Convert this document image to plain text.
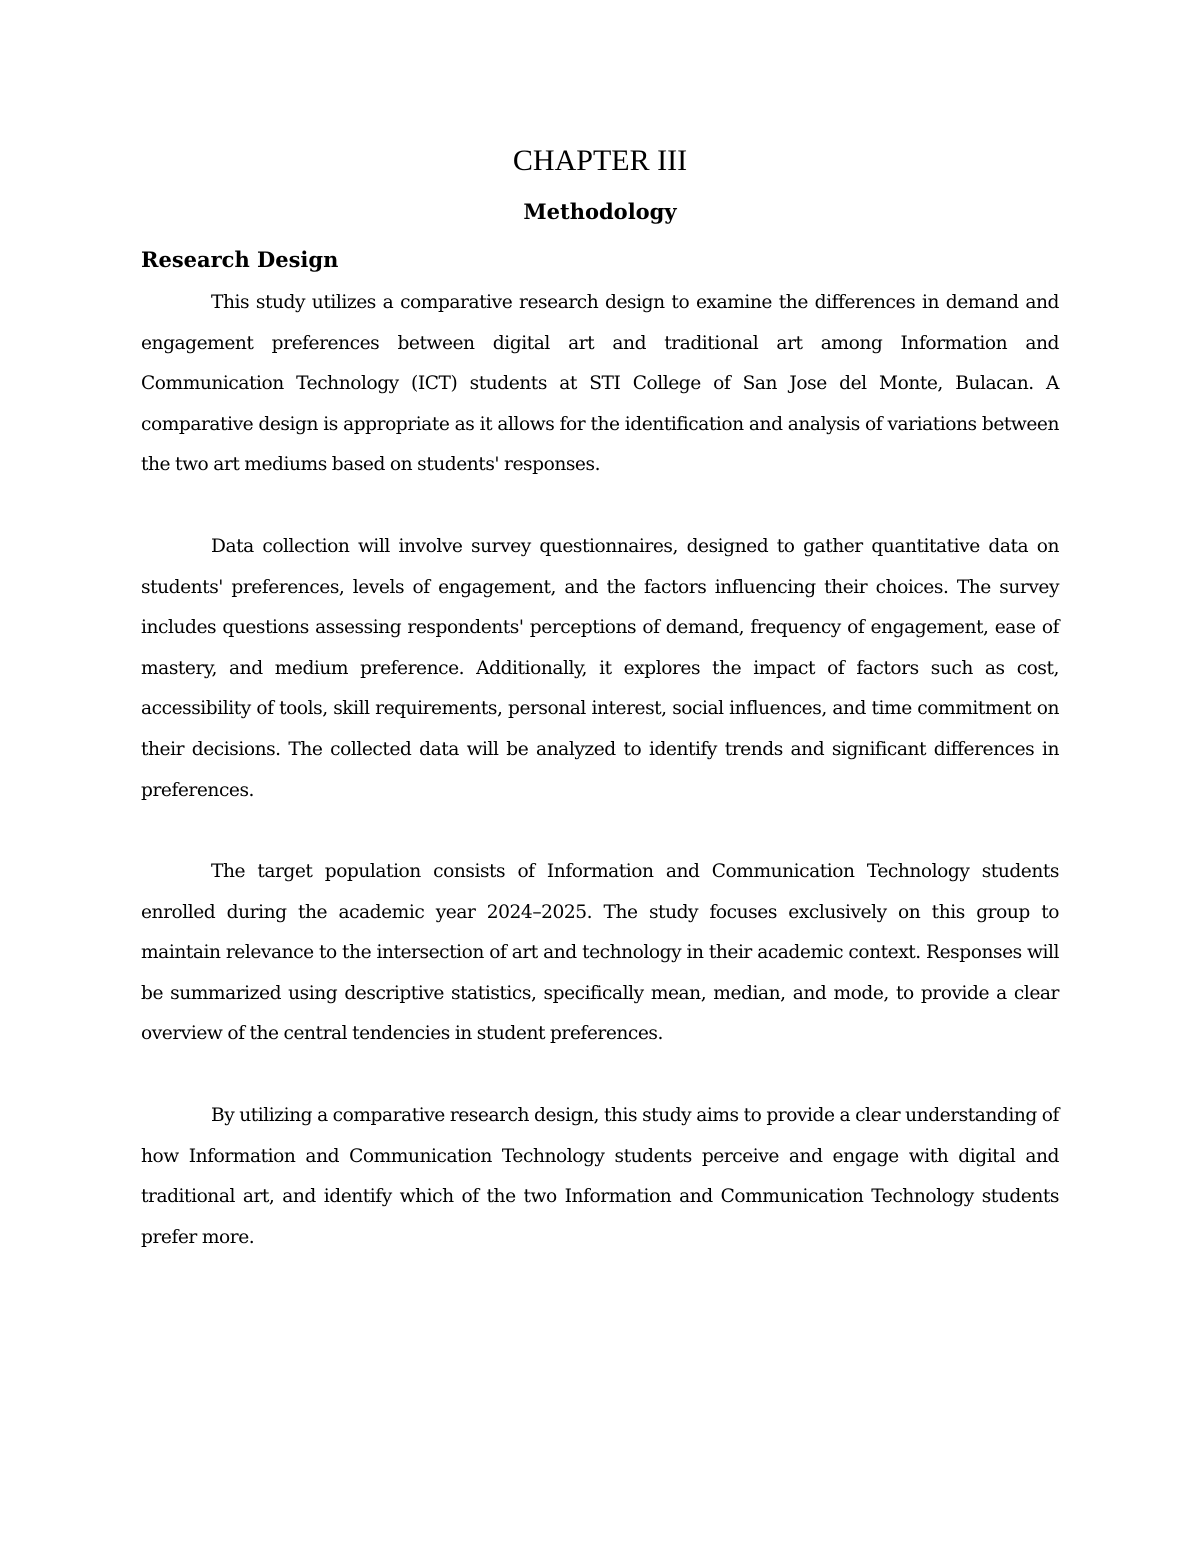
CHAPTER III
Methodology
Research Design

This study utilizes a comparative research design to examine the differences in demand and engagement preferences between digital art and traditional art among Information and Communication Technology (ICT) students at STI College of San Jose del Monte, Bulacan. A comparative design is appropriate as it allows for the identification and analysis of variations between the two art mediums based on students' responses.

Data collection will involve survey questionnaires, designed to gather quantitative data on students' preferences, levels of engagement, and the factors influencing their choices. The survey includes questions assessing respondents' perceptions of demand, frequency of engagement, ease of mastery, and medium preference. Additionally, it explores the impact of factors such as cost, accessibility of tools, skill requirements, personal interest, social influences, and time commitment on their decisions. The collected data will be analyzed to identify trends and significant differences in preferences.

The target population consists of Information and Communication Technology students enrolled during the academic year 2024–2025. The study focuses exclusively on this group to maintain relevance to the intersection of art and technology in their academic context. Responses will be summarized using descriptive statistics, specifically mean, median, and mode, to provide a clear overview of the central tendencies in student preferences.

By utilizing a comparative research design, this study aims to provide a clear understanding of how Information and Communication Technology students perceive and engage with digital and traditional art, and identify which of the two Information and Communication Technology students prefer more.
